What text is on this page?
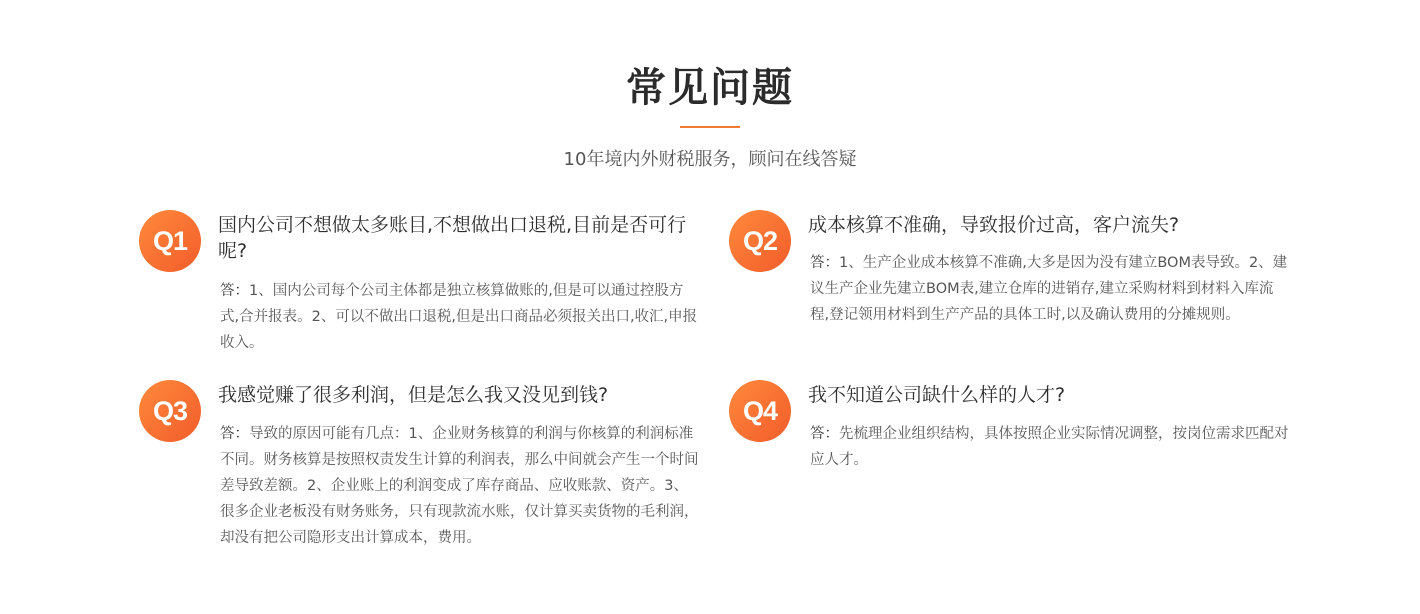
常见问题
10年境内外财税服务，顾问在线答疑
Q1
国内公司不想做太多账目,不想做出口退税,目前是否可行呢?
答：1、国内公司每个公司主体都是独立核算做账的,但是可以通过控股方式,合并报表。2、可以不做出口退税,但是出口商品必须报关出口,收汇,申报收入。
Q2
成本核算不准确，导致报价过高，客户流失?
答：1、生产企业成本核算不准确,大多是因为没有建立BOM表导致。2、建议生产企业先建立BOM表,建立仓库的进销存,建立采购材料到材料入库流程,登记领用材料到生产产品的具体工时,以及确认费用的分摊规则。
Q3
我感觉赚了很多利润，但是怎么我又没见到钱?
答：导致的原因可能有几点：1、企业财务核算的利润与你核算的利润标准不同。财务核算是按照权责发生计算的利润表，那么中间就会产生一个时间差导致差额。2、企业账上的利润变成了库存商品、应收账款、资产。3、很多企业老板没有财务账务，只有现款流水账，仅计算买卖货物的毛利润，却没有把公司隐形支出计算成本，费用。
Q4
我不知道公司缺什么样的人才?
答：先梳理企业组织结构，具体按照企业实际情况调整，按岗位需求匹配对应人才。
